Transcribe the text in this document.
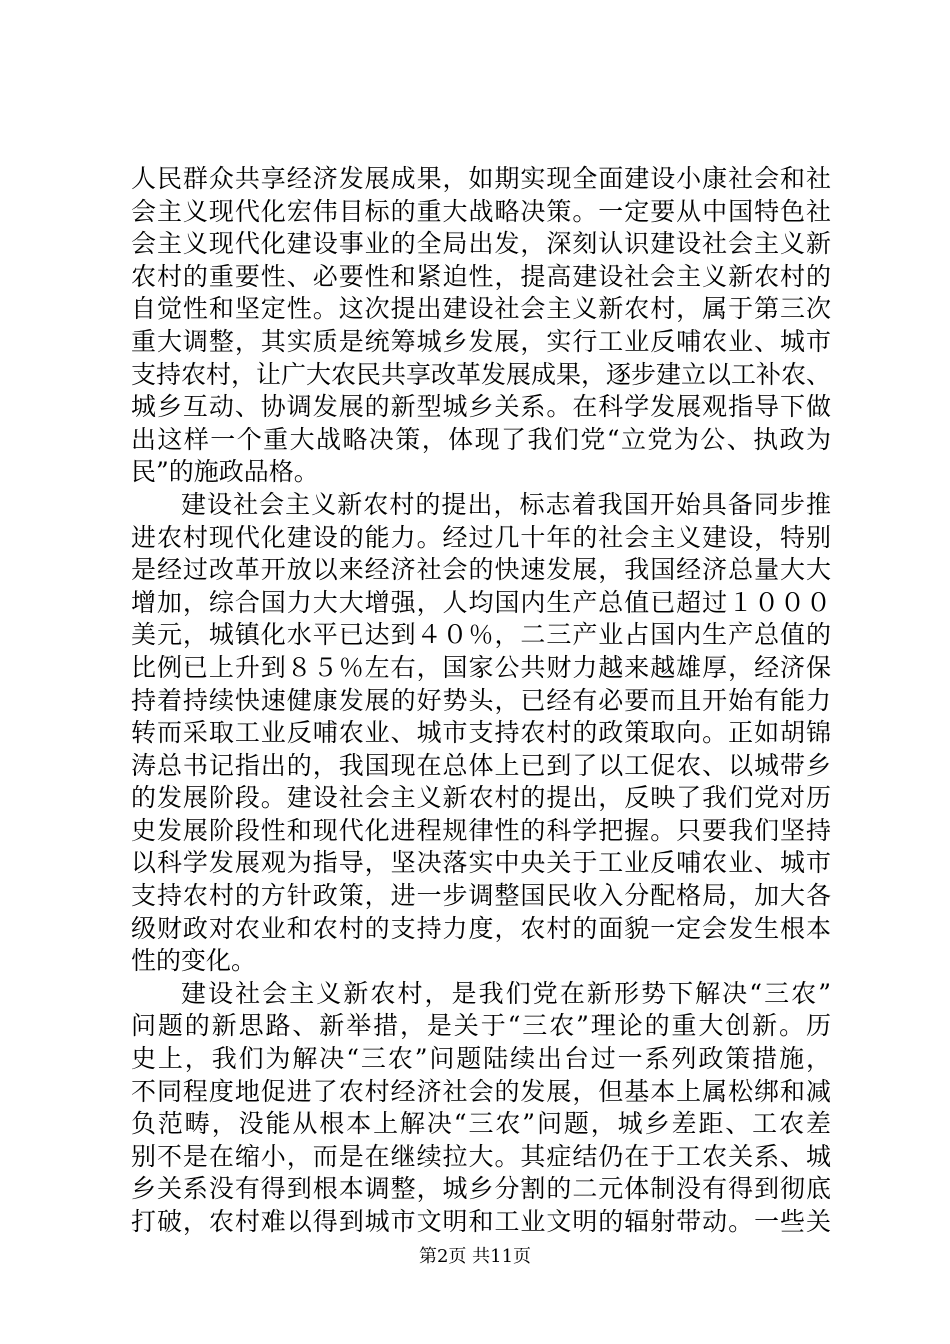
人民群众共享经济发展成果，如期实现全面建设小康社会和社
会主义现代化宏伟目标的重大战略决策。一定要从中国特色社
会主义现代化建设事业的全局出发，深刻认识建设社会主义新
农村的重要性、必要性和紧迫性，提高建设社会主义新农村的
自觉性和坚定性。这次提出建设社会主义新农村，属于第三次
重大调整，其实质是统筹城乡发展，实行工业反哺农业、城市
支持农村，让广大农民共享改革发展成果，逐步建立以工补农、
城乡互动、协调发展的新型城乡关系。在科学发展观指导下做
出这样一个重大战略决策，体现了我们党“立党为公、执政为
民”的施政品格。
建设社会主义新农村的提出，标志着我国开始具备同步推
进农村现代化建设的能力。经过几十年的社会主义建设，特别
是经过改革开放以来经济社会的快速发展，我国经济总量大大
增加，综合国力大大增强，人均国内生产总值已超过１０００
美元，城镇化水平已达到４０％，二三产业占国内生产总值的
比例已上升到８５％左右，国家公共财力越来越雄厚，经济保
持着持续快速健康发展的好势头，已经有必要而且开始有能力
转而采取工业反哺农业、城市支持农村的政策取向。正如胡锦
涛总书记指出的，我国现在总体上已到了以工促农、以城带乡
的发展阶段。建设社会主义新农村的提出，反映了我们党对历
史发展阶段性和现代化进程规律性的科学把握。只要我们坚持
以科学发展观为指导，坚决落实中央关于工业反哺农业、城市
支持农村的方针政策，进一步调整国民收入分配格局，加大各
级财政对农业和农村的支持力度，农村的面貌一定会发生根本
性的变化。
建设社会主义新农村，是我们党在新形势下解决“三农”
问题的新思路、新举措，是关于“三农”理论的重大创新。历
史上，我们为解决“三农”问题陆续出台过一系列政策措施，
不同程度地促进了农村经济社会的发展，但基本上属松绑和减
负范畴，没能从根本上解决“三农”问题，城乡差距、工农差
别不是在缩小，而是在继续拉大。其症结仍在于工农关系、城
乡关系没有得到根本调整，城乡分割的二元体制没有得到彻底
打破，农村难以得到城市文明和工业文明的辐射带动。一些关
第2页 共11页
